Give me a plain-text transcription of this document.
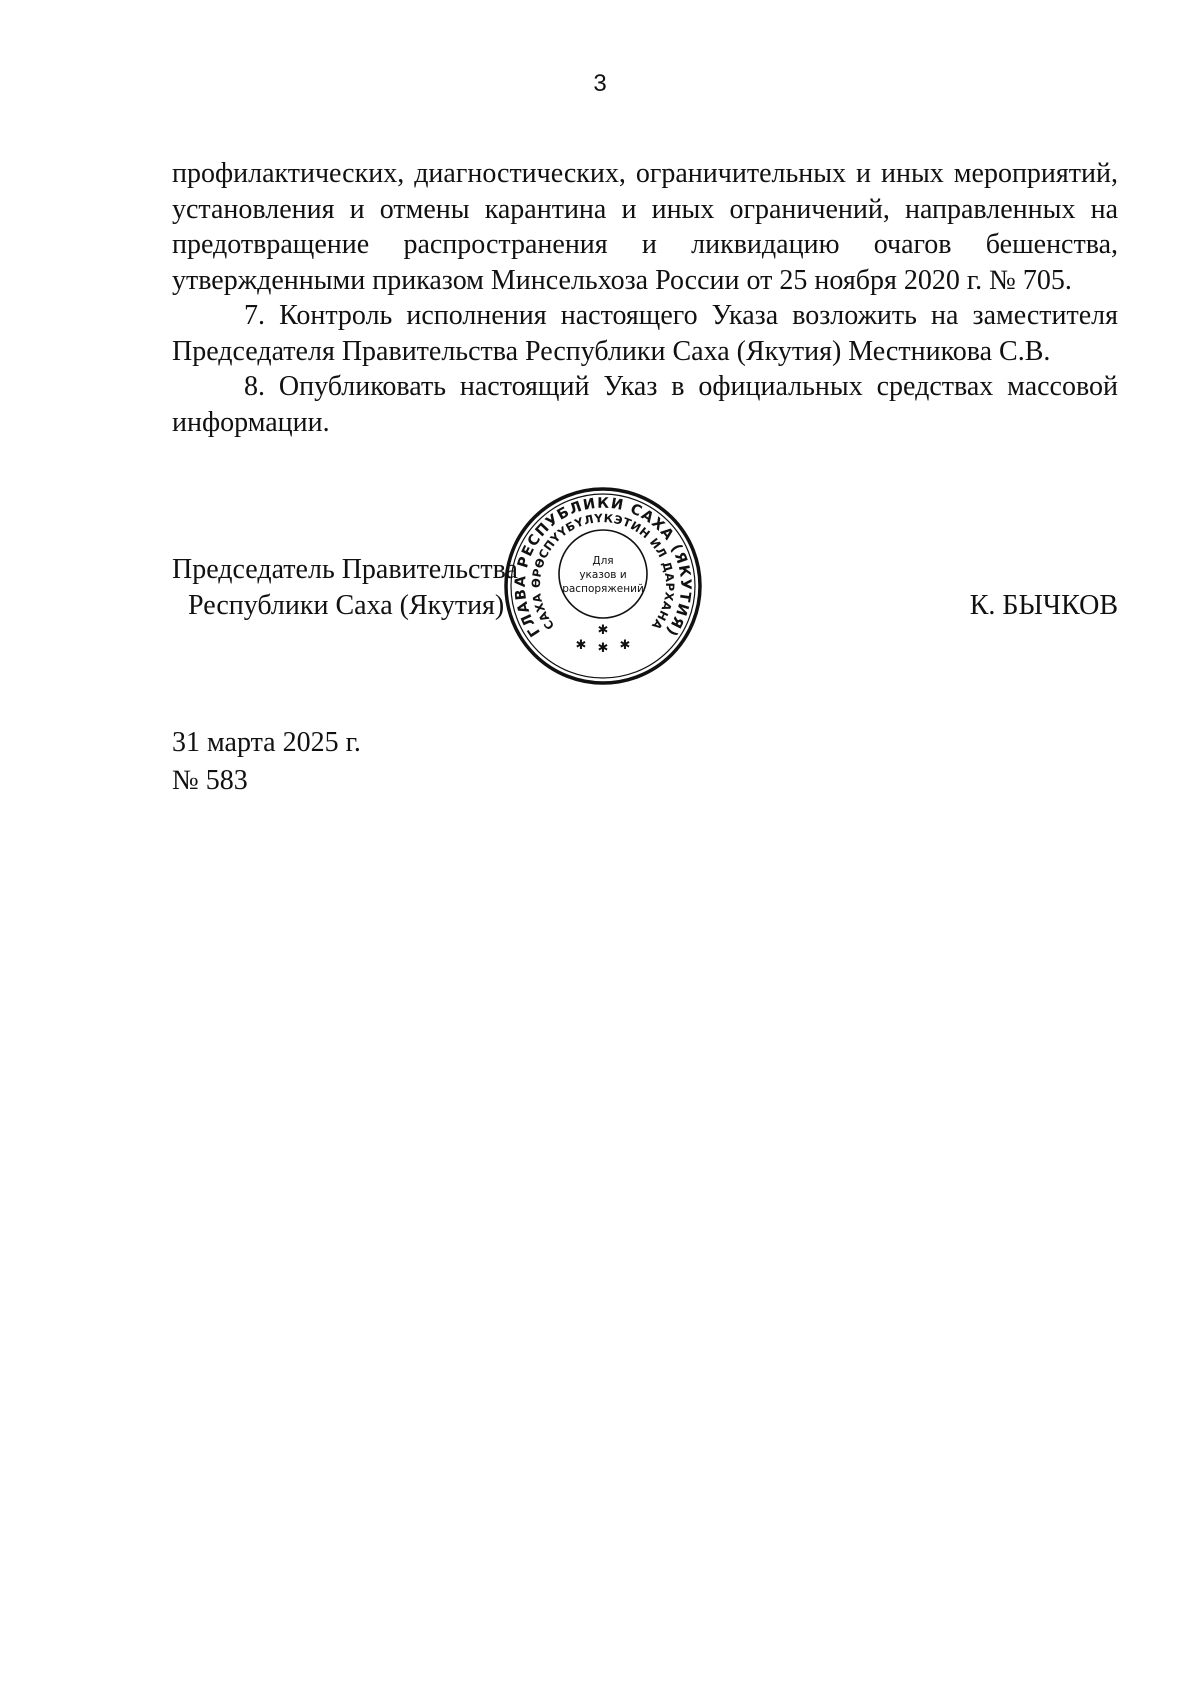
3

профилактических, диагностических, ограничительных и иных мероприятий, установления и отмены карантина и иных ограничений, направленных на предотвращение распространения и ликвидацию очагов бешенства, утвержденными приказом Минсельхоза России от 25 ноября 2020 г. № 705.

7. Контроль исполнения настоящего Указа возложить на заместителя Председателя Правительства Республики Саха (Якутия) Местникова С.В.

8. Опубликовать настоящий Указ в официальных средствах массовой информации.

Председатель Правительства
Республики Саха (Якутия)	К. БЫЧКОВ
ГЛАВА РЕСПУБЛИКИ САХА (ЯКУТИЯ)
САХА ӨРӨСПҮҮБҮЛҮКЭТИН ИЛ ДАРХАНА
Для
указов и
распоряжений
✱
✱ ✱ ✱
31 марта 2025 г.
№ 583
